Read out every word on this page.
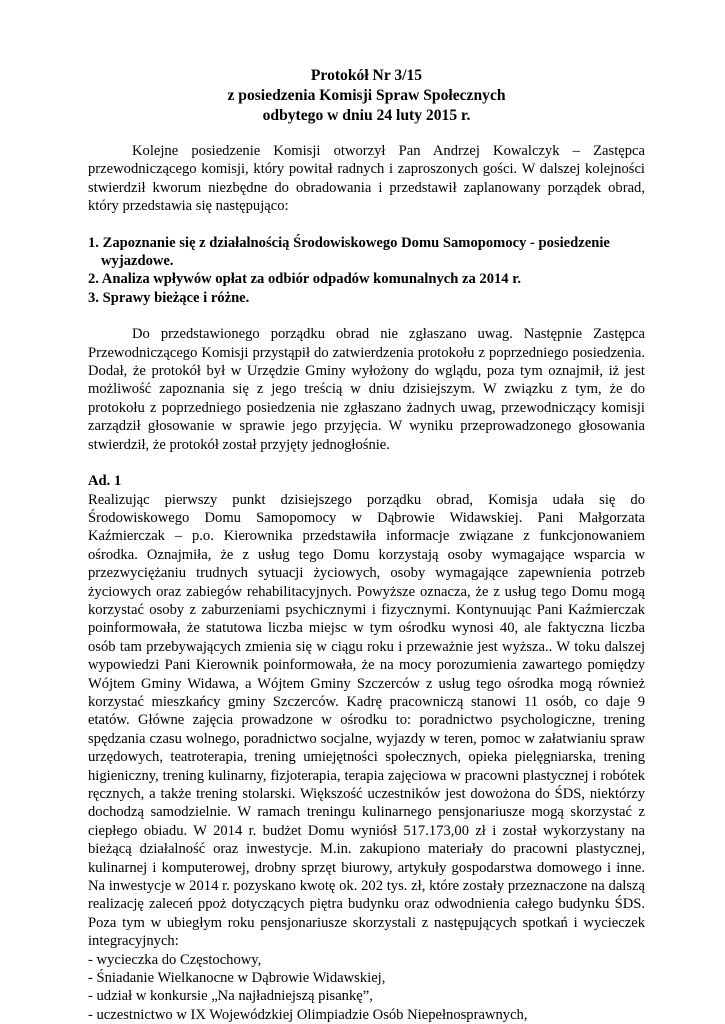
Protokół Nr 3/15
z posiedzenia Komisji Spraw Społecznych
odbytego w dniu 24 luty 2015 r.

Kolejne posiedzenie Komisji otworzył Pan Andrzej Kowalczyk – Zastępca przewodniczącego komisji, który powitał radnych i zaproszonych gości. W dalszej kolejności stwierdził kworum niezbędne do obradowania i przedstawił zaplanowany porządek obrad, który przedstawia się następująco:

1. Zapoznanie się z działalnością Środowiskowego Domu Samopomocy - posiedzenie wyjazdowe.
2. Analiza wpływów opłat za odbiór odpadów komunalnych za 2014 r.
3. Sprawy bieżące i różne.

Do przedstawionego porządku obrad nie zgłaszano uwag. Następnie Zastępca Przewodniczącego Komisji przystąpił do zatwierdzenia protokołu z poprzedniego posiedzenia. Dodał, że protokół był w Urzędzie Gminy wyłożony do wglądu, poza tym oznajmił, iż jest możliwość zapoznania się z jego treścią w dniu dzisiejszym. W związku z tym, że do protokołu z poprzedniego posiedzenia nie zgłaszano żadnych uwag, przewodniczący komisji zarządził głosowanie w sprawie jego przyjęcia. W wyniku przeprowadzonego głosowania stwierdził, że protokół został przyjęty jednogłośnie.

Ad. 1

Realizując pierwszy punkt dzisiejszego porządku obrad, Komisja udała się do Środowiskowego Domu Samopomocy w Dąbrowie Widawskiej. Pani Małgorzata Kaźmierczak – p.o. Kierownika przedstawiła informacje związane z funkcjonowaniem ośrodka. Oznajmiła, że z usług tego Domu korzystają osoby wymagające wsparcia w przezwyciężaniu trudnych sytuacji życiowych, osoby wymagające zapewnienia potrzeb życiowych oraz zabiegów rehabilitacyjnych. Powyższe oznacza, że z usług tego Domu mogą korzystać osoby z zaburzeniami psychicznymi i fizycznymi. Kontynuując Pani Kaźmierczak poinformowała, że statutowa liczba miejsc w tym ośrodku wynosi 40, ale faktyczna liczba osób tam przebywających zmienia się w ciągu roku i przeważnie jest wyższa.. W toku dalszej wypowiedzi Pani Kierownik poinformowała, że na mocy porozumienia zawartego pomiędzy Wójtem Gminy Widawa, a Wójtem Gminy Szczerców z usług tego ośrodka mogą również korzystać mieszkańcy gminy Szczerców. Kadrę pracowniczą stanowi 11 osób, co daje 9 etatów. Główne zajęcia prowadzone w ośrodku to: poradnictwo psychologiczne, trening spędzania czasu wolnego, poradnictwo socjalne, wyjazdy w teren, pomoc w załatwianiu spraw urzędowych, teatroterapia, trening umiejętności społecznych, opieka pielęgniarska, trening higieniczny, trening kulinarny, fizjoterapia, terapia zajęciowa w pracowni plastycznej i robótek ręcznych, a także trening stolarski. Większość uczestników jest dowożona do ŚDS, niektórzy dochodzą samodzielnie. W ramach treningu kulinarnego pensjonariusze mogą skorzystać z ciepłego obiadu. W 2014 r. budżet Domu wyniósł 517.173,00 zł i został wykorzystany na bieżącą działalność oraz inwestycje. M.in. zakupiono materiały do pracowni plastycznej, kulinarnej i komputerowej, drobny sprzęt biurowy, artykuły gospodarstwa domowego i inne. Na inwestycje w 2014 r. pozyskano kwotę ok. 202 tys. zł, które zostały przeznaczone na dalszą realizację zaleceń ppoż dotyczących piętra budynku oraz odwodnienia całego budynku ŚDS. Poza tym w ubiegłym roku pensjonariusze skorzystali z następujących spotkań i wycieczek integracyjnych:

- wycieczka do Częstochowy,
- Śniadanie Wielkanocne w Dąbrowie Widawskiej,
- udział w konkursie „Na najładniejszą pisankę”,
- uczestnictwo w IX Wojewódzkiej Olimpiadzie Osób Niepełnosprawnych,
